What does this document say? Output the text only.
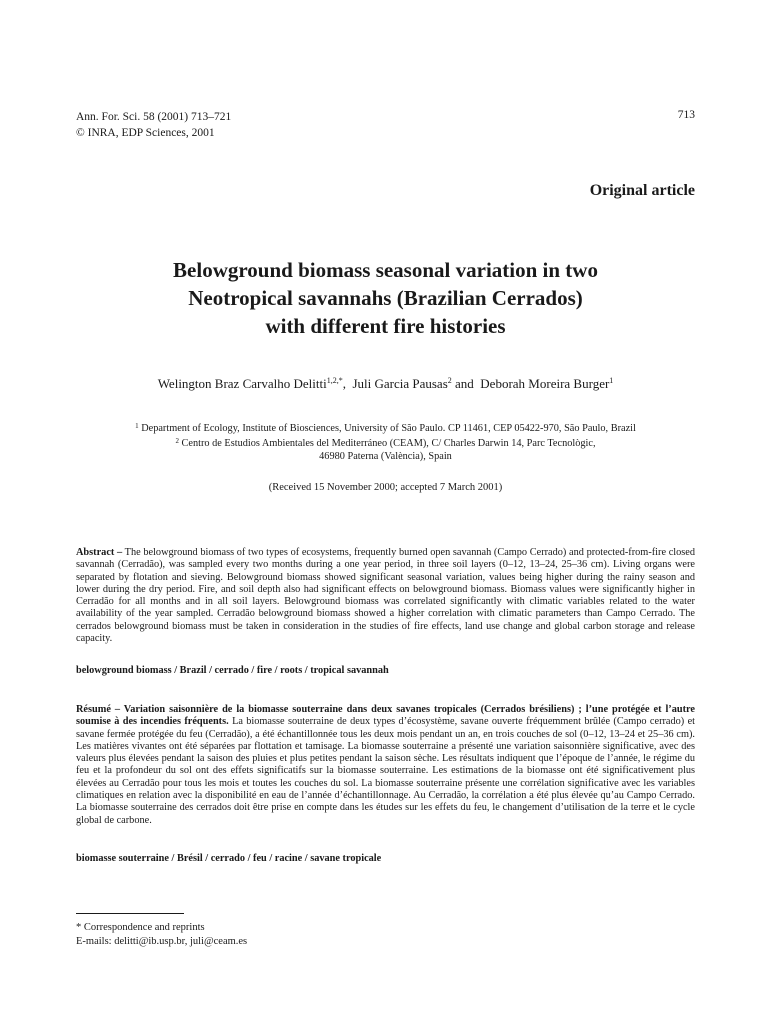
Ann. For. Sci. 58 (2001) 713–721
© INRA, EDP Sciences, 2001
713
Original article
Belowground biomass seasonal variation in two
Neotropical savannahs (Brazilian Cerrados)
with different fire histories
Welington Braz Carvalho Delitti$^{1,2,*}$, Juli Garcia Pausas$^2$ and Deborah Moreira Burger$^1$
$^1$ Department of Ecology, Institute of Biosciences, University of São Paulo. CP 11461, CEP 05422-970, São Paulo, Brazil
$^2$ Centro de Estudios Ambientales del Mediterráneo (CEAM), C/ Charles Darwin 14, Parc Tecnològic,
46980 Paterna (València), Spain
(Received 15 November 2000; accepted 7 March 2001)
Abstract – The belowground biomass of two types of ecosystems, frequently burned open savannah (Campo Cerrado) and protected-from-fire closed savannah (Cerradão), was sampled every two months during a one year period, in three soil layers (0–12, 13–24, 25–36 cm). Living organs were separated by flotation and sieving. Belowground biomass showed significant seasonal variation, values being higher during the rainy season and lower during the dry period. Fire, and soil depth also had significant effects on belowground biomass. Biomass values were significantly higher in Cerradão for all months and in all soil layers. Belowground biomass was correlated significantly with climatic variables related to the water availability of the year sampled. Cerradão belowground biomass showed a higher correlation with climatic parameters than Campo Cerrado. The cerrados belowground biomass must be taken in consideration in the studies of fire effects, land use change and global carbon storage and release capacity.
belowground biomass / Brazil / cerrado / fire / roots / tropical savannah
Résumé – Variation saisonnière de la biomasse souterraine dans deux savanes tropicales (Cerrados brésiliens) ; l’une protégée et l’autre soumise à des incendies fréquents. La biomasse souterraine de deux types d’écosystème, savane ouverte fréquemment brûlée (Campo cerrado) et savane fermée protégée du feu (Cerradão), a été échantillonnée tous les deux mois pendant un an, en trois couches de sol (0–12, 13–24 et 25–36 cm). Les matières vivantes ont été séparées par flottation et tamisage. La biomasse souterraine a présenté une variation saisonnière significative, avec des valeurs plus élevées pendant la saison des pluies et plus petites pendant la saison sèche. Les résultats indiquent que l’époque de l’année, le régime du feu et la profondeur du sol ont des effets significatifs sur la biomasse souterraine. Les estimations de la biomasse ont été significativement plus élevées au Cerradão pour tous les mois et toutes les couches du sol. La biomasse souterraine présente une corrélation significative avec les variables climatiques en relation avec la disponibilité en eau de l’année d’échantillonnage. Au Cerradão, la corrélation a été plus élevée qu’au Campo Cerrado. La biomasse souterraine des cerrados doit être prise en compte dans les études sur les effets du feu, le changement d’utilisation de la terre et le cycle global de carbone.
biomasse souterraine / Brésil / cerrado / feu / racine / savane tropicale
* Correspondence and reprints
E-mails: delitti@ib.usp.br, juli@ceam.es
